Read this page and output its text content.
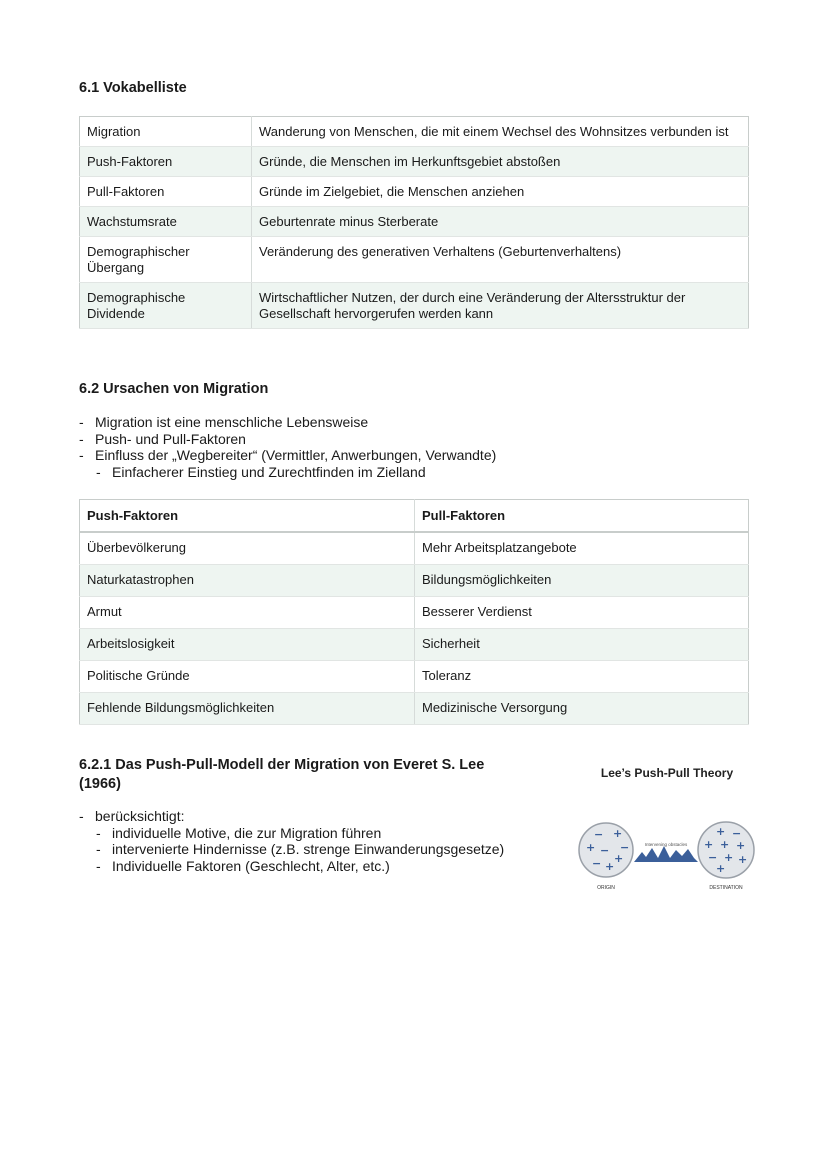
6.1 Vokabelliste
Migration	Wanderung von Menschen, die mit einem Wechsel des Wohnsitzes verbunden ist
Push-Faktoren	Gründe, die Menschen im Herkunftsgebiet abstoßen
Pull-Faktoren	Gründe im Zielgebiet, die Menschen anziehen
Wachstumsrate	Geburtenrate minus Sterberate
Demographischer Übergang	Veränderung des generativen Verhaltens (Geburtenverhaltens)
Demographische Dividende	Wirtschaftlicher Nutzen, der durch eine Veränderung der Altersstruktur der Gesellschaft hervorgerufen werden kann
6.2 Ursachen von Migration
- Migration ist eine menschliche Lebensweise
- Push- und Pull-Faktoren
- Einfluss der „Wegbereiter“ (Vermittler, Anwerbungen, Verwandte)
- Einfacherer Einstieg und Zurechtfinden im Zielland
Push-Faktoren	Pull-Faktoren
Überbevölkerung	Mehr Arbeitsplatzangebote
Naturkatastrophen	Bildungsmöglichkeiten
Armut	Besserer Verdienst
Arbeitslosigkeit	Sicherheit
Politische Gründe	Toleranz
Fehlende Bildungsmöglichkeiten	Medizinische Versorgung
6.2.1 Das Push-Pull-Modell der Migration von Everet S. Lee
(1966)
- berücksichtigt:
- individuelle Motive, die zur Migration führen
- intervenierte Hindernisse (z.B. strenge Einwanderungsgesetze)
- Individuelle Faktoren (Geschlecht, Alter, etc.)
Lee’s Push-Pull Theory
− +
+ − −
+
− +
+ −
+ + +
− + +
+
Intervening obstacles
ORIGIN	DESTINATION
